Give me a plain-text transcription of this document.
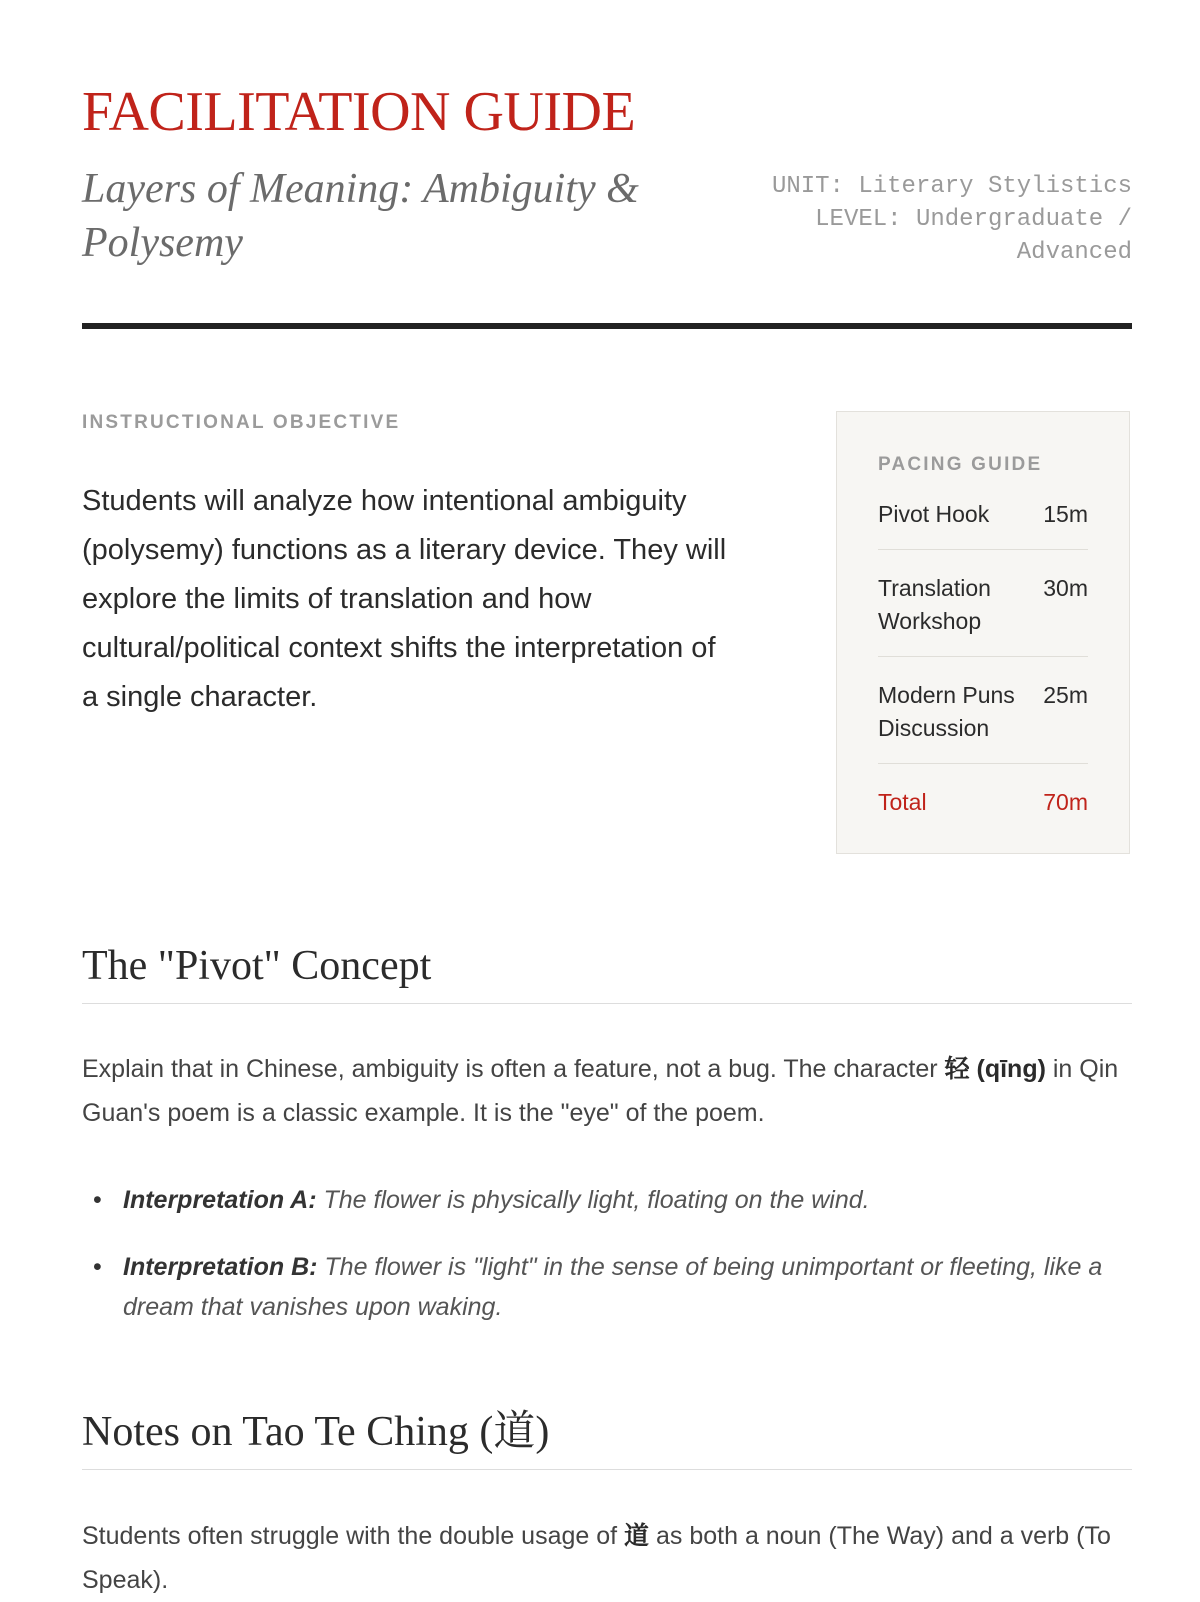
FACILITATION GUIDE
Layers of Meaning: Ambiguity & Polysemy
UNIT: Literary Stylistics
LEVEL: Undergraduate / Advanced
INSTRUCTIONAL OBJECTIVE

Students will analyze how intentional ambiguity (polysemy) functions as a literary device. They will explore the limits of translation and how cultural/political context shifts the interpretation of a single character.

PACING GUIDE
Pivot Hook	15m
Translation Workshop
30m
Modern Puns Discussion
25m
Total	70m
The "Pivot" Concept

Explain that in Chinese, ambiguity is often a feature, not a bug. The character 轻 (qīng) in Qin Guan's poem is a classic example. It is the "eye" of the poem.

• Interpretation A: The flower is physically light, floating on the wind.
• Interpretation B: The flower is "light" in the sense of being unimportant or fleeting, like a dream that vanishes upon waking.
Notes on Tao Te Ching (道)

Students often struggle with the double usage of 道 as both a noun (The Way) and a verb (To Speak).
